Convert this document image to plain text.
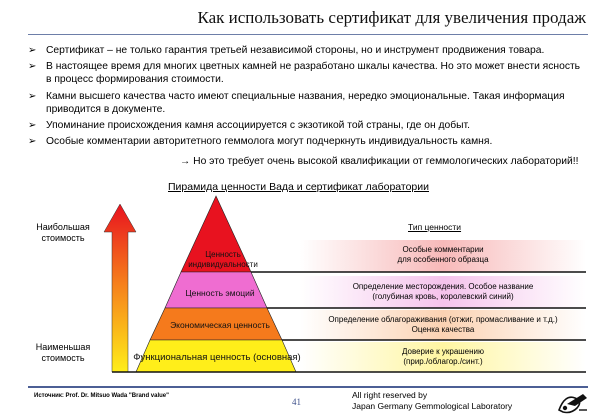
Как использовать сертификат для увеличения продаж
➢ Сертификат – не только гарантия третьей независимой стороны, но и инструмент продвижения товара.
➢ В настоящее время для многих цветных камней не разработано шкалы качества. Но это может внести ясность в процесс формирования стоимости.
➢ Камни высшего качества часто имеют специальные названия, нередко эмоциональные. Такая информация приводится в документе.
➢ Упоминание происхождения камня ассоциируется с экзотикой той страны, где он добыт.
➢ Особые комментарии авторитетного геммолога могут подчеркнуть индивидуальность камня.
→ Но это требует очень высокой квалификации от геммологических лабораторий!!
Пирамида ценности Вада и сертификат лаборатории
Наибольшая стоимость
Наименьшая стоимость
Тип ценности
Ценность индивидуальности
Ценность эмоций
Экономическая ценность
Функциональная ценность (основная)
Особые комментарии
для особенного образца
Определение месторождения. Особое название
(голубиная кровь, королевский синий)
Определение облагораживания (отжиг, промасливание и т.д.)
Оценка качества
Доверие к украшению
(прир./облагор./синт.)
Источник: Prof. Dr. Mitsuo Wada "Brand value"
41
All right reserved by
Japan Germany Gemmological Laboratory
